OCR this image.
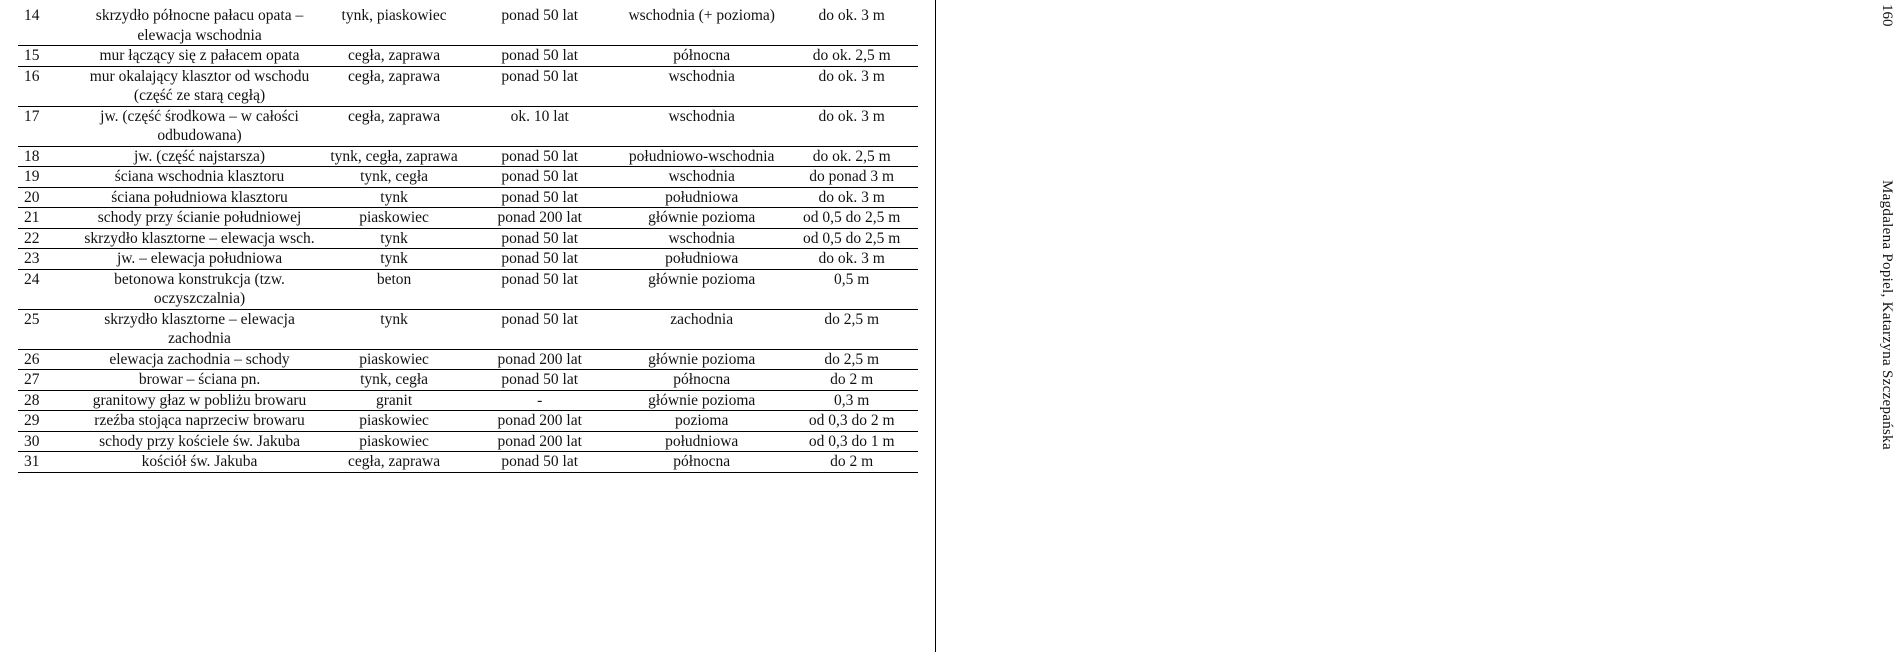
14	skrzydło północne pałacu opata – elewacja wschodnia	tynk, piaskowiec	ponad 50 lat	wschodnia (+ pozioma)	do ok. 3 m
15	mur łączący się z pałacem opata	cegła, zaprawa	ponad 50 lat	północna	do ok. 2,5 m
16	mur okalający klasztor od wschodu (część ze starą cegłą)	cegła, zaprawa	ponad 50 lat	wschodnia	do ok. 3 m
17	jw. (część środkowa – w całości odbudowana)	cegła, zaprawa	ok. 10 lat	wschodnia	do ok. 3 m
18	jw. (część najstarsza)	tynk, cegła, zaprawa	ponad 50 lat	południowo-wschodnia	do ok. 2,5 m
19	ściana wschodnia klasztoru	tynk, cegła	ponad 50 lat	wschodnia	do ponad 3 m
20	ściana południowa klasztoru	tynk	ponad 50 lat	południowa	do ok. 3 m
21	schody przy ścianie południowej	piaskowiec	ponad 200 lat	głównie pozioma	od 0,5 do 2,5 m
22	skrzydło klasztorne – elewacja wsch.	tynk	ponad 50 lat	wschodnia	od 0,5 do 2,5 m
23	jw. – elewacja południowa	tynk	ponad 50 lat	południowa	do ok. 3 m
24	betonowa konstrukcja (tzw. oczyszczalnia)	beton	ponad 50 lat	głównie pozioma	0,5 m
25	skrzydło klasztorne – elewacja zachodnia	tynk	ponad 50 lat	zachodnia	do 2,5 m
26	elewacja zachodnia – schody	piaskowiec	ponad 200 lat	głównie pozioma	do 2,5 m
27	browar – ściana pn.	tynk, cegła	ponad 50 lat	północna	do 2 m
28	granitowy głaz w pobliżu browaru	granit	-	głównie pozioma	0,3 m
29	rzeźba stojąca naprzeciw browaru	piaskowiec	ponad 200 lat	pozioma	od 0,3 do 2 m
30	schody przy kościele św. Jakuba	piaskowiec	ponad 200 lat	południowa	od 0,3 do 1 m
31	kościół św. Jakuba	cegła, zaprawa	ponad 50 lat	północna	do 2 m
160
Magdalena Popiel, Katarzyna Szczepańska
